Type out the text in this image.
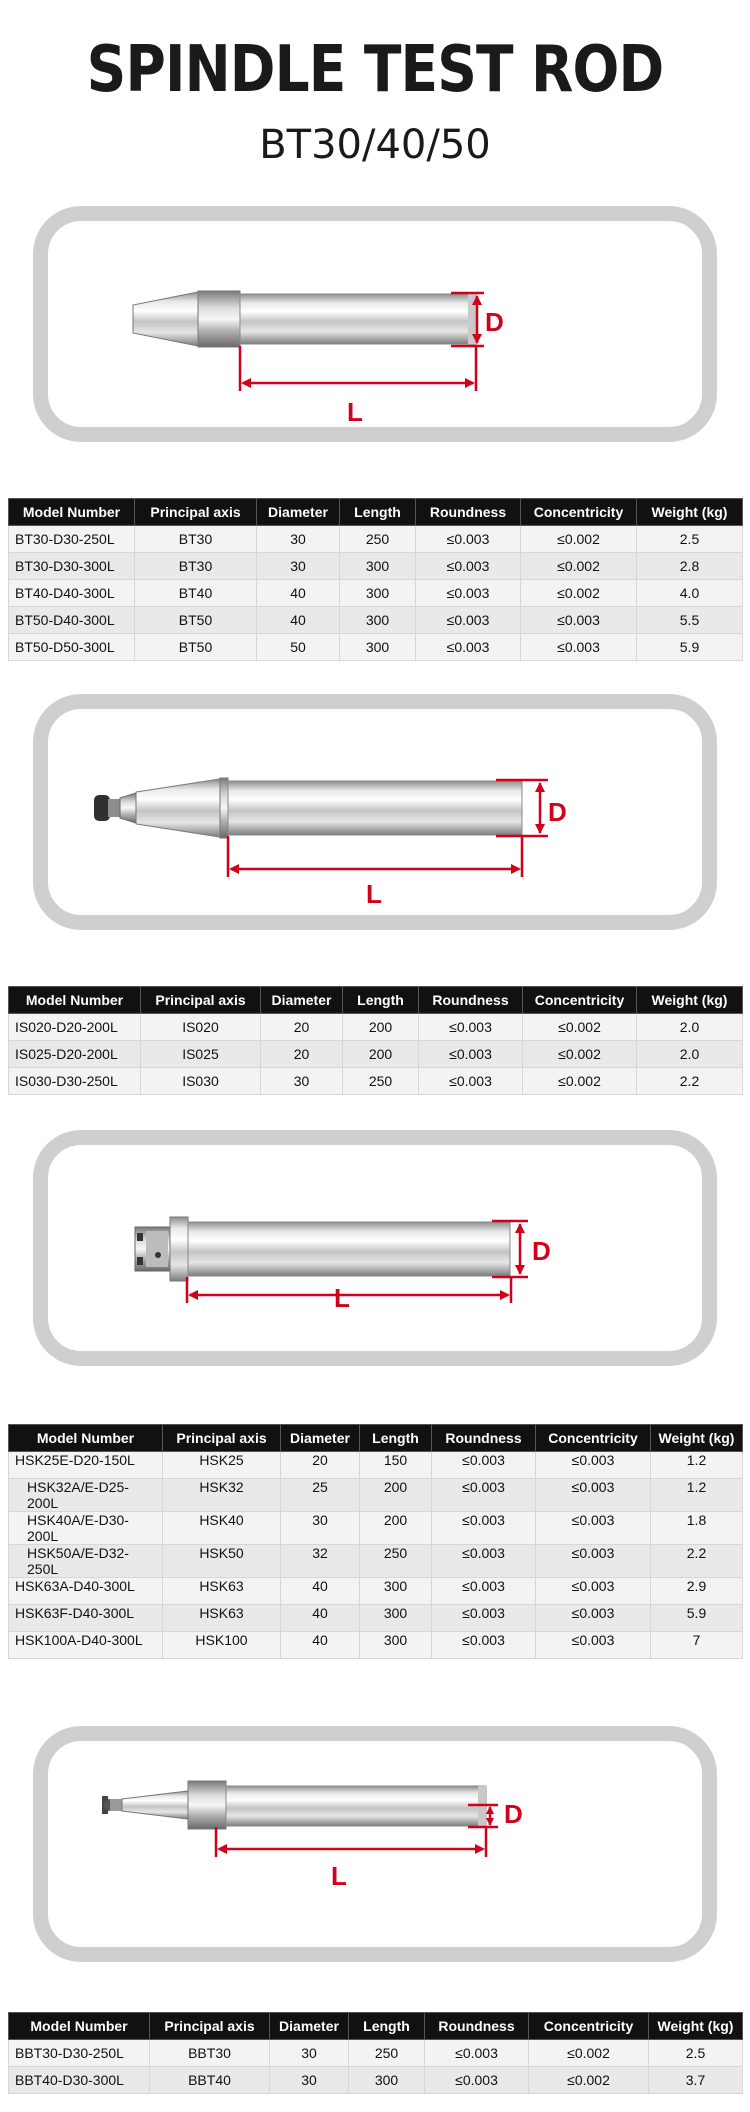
SPINDLE TEST ROD
BT30/40/50
D
L
Model Number	Principal axis	Diameter	Length	Roundness	Concentricity	Weight (kg)
BT30-D30-250L	BT30	30	250	≤0.003	≤0.002	2.5
BT30-D30-300L	BT30	30	300	≤0.003	≤0.002	2.8
BT40-D40-300L	BT40	40	300	≤0.003	≤0.002	4.0
BT50-D40-300L	BT50	40	300	≤0.003	≤0.003	5.5
BT50-D50-300L	BT50	50	300	≤0.003	≤0.003	5.9
D
L
Model Number	Principal axis	Diameter	Length	Roundness	Concentricity	Weight (kg)
IS020-D20-200L	IS020	20	200	≤0.003	≤0.002	2.0
IS025-D20-200L	IS025	20	200	≤0.003	≤0.002	2.0
IS030-D30-250L	IS030	30	250	≤0.003	≤0.002	2.2
D
L
Model Number	Principal axis	Diameter	Length	Roundness	Concentricity	Weight (kg)
HSK25E-D20-150L	HSK25	20	150	≤0.003	≤0.003	1.2
HSK32A/E-D25-200L	HSK32	25	200	≤0.003	≤0.003	1.2
HSK40A/E-D30-200L	HSK40	30	200	≤0.003	≤0.003	1.8
HSK50A/E-D32-250L	HSK50	32	250	≤0.003	≤0.003	2.2
HSK63A-D40-300L	HSK63	40	300	≤0.003	≤0.003	2.9
HSK63F-D40-300L	HSK63	40	300	≤0.003	≤0.003	5.9
HSK100A-D40-300L	HSK100	40	300	≤0.003	≤0.003	7
D
L
Model Number	Principal axis	Diameter	Length	Roundness	Concentricity	Weight (kg)
BBT30-D30-250L	BBT30	30	250	≤0.003	≤0.002	2.5
BBT40-D30-300L	BBT40	30	300	≤0.003	≤0.002	3.7
